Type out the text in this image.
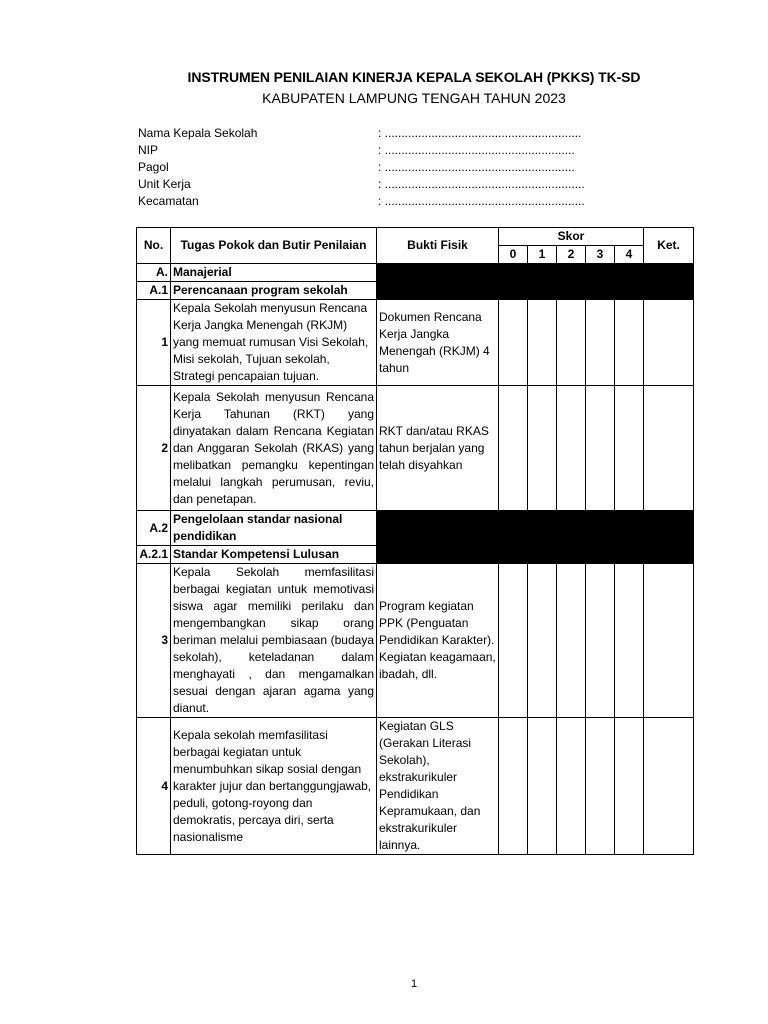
INSTRUMEN PENILAIAN KINERJA KEPALA SEKOLAH (PKKS) TK-SD
KABUPATEN LAMPUNG TENGAH TAHUN 2023
Nama Kepala Sekolah	: ...........................................................
NIP	: .........................................................
Pagol	: .........................................................
Unit Kerja	: ............................................................
Kecamatan	: ............................................................
No.	Tugas Pokok dan Butir Penilaian	Bukti Fisik	Skor					Ket.
			0	1	2	3	4	
A.	Manajerial							
A.1	Perencanaan program sekolah							
1	Kepala Sekolah menyusun Rencana Kerja Jangka Menengah (RKJM) yang memuat rumusan Visi Sekolah, Misi sekolah, Tujuan sekolah, Strategi pencapaian tujuan.	Dokumen Rencana Kerja Jangka Menengah (RKJM) 4 tahun						
2	Kepala Sekolah menyusun Rencana Kerja Tahunan (RKT) yang dinyatakan dalam Rencana Kegiatan dan Anggaran Sekolah (RKAS) yang melibatkan pemangku kepentingan melalui langkah perumusan, reviu, dan penetapan.	RKT dan/atau RKAS tahun berjalan yang telah disyahkan						
A.2	Pengelolaan standar nasional pendidikan							
A.2.1	Standar Kompetensi Lulusan							
3	Kepala Sekolah memfasilitasi berbagai kegiatan untuk memotivasi siswa agar memiliki perilaku dan mengembangkan sikap orang beriman melalui pembiasaan (budaya sekolah), keteladanan dalam menghayati , dan mengamalkan sesuai dengan ajaran agama yang dianut.	Program kegiatan PPK (Penguatan Pendidikan Karakter). Kegiatan keagamaan, ibadah, dll.						
4	Kepala sekolah memfasilitasi berbagai kegiatan untuk menumbuhkan sikap sosial dengan karakter jujur dan bertanggungjawab, peduli, gotong-royong dan demokratis, percaya diri, serta nasionalisme	Kegiatan GLS (Gerakan Literasi Sekolah), ekstrakurikuler Pendidikan Kepramukaan, dan ekstrakurikuler lainnya.						
1
